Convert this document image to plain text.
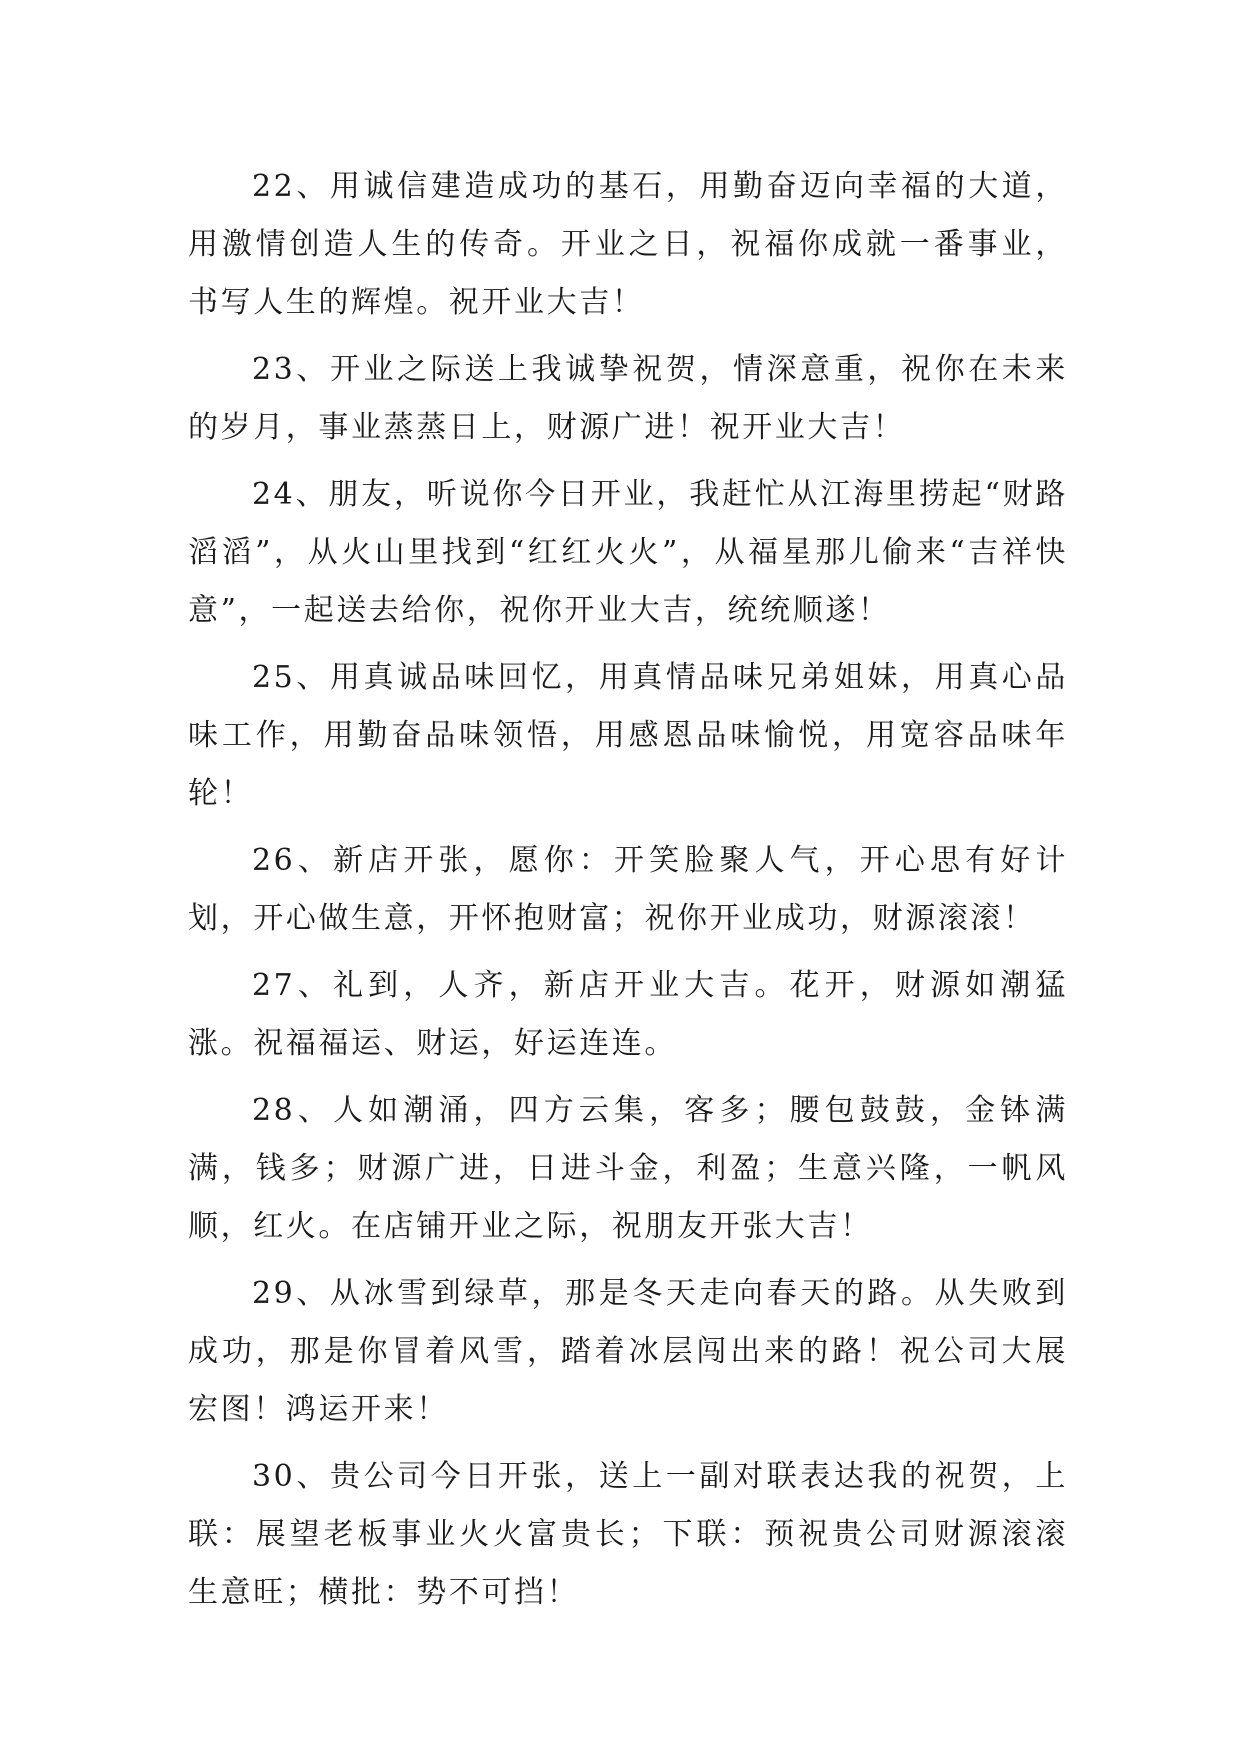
22、用诚信建造成功的基石，用勤奋迈向幸福的大道，用激情创造人生的传奇。开业之日，祝福你成就一番事业，书写人生的辉煌。祝开业大吉！

23、开业之际送上我诚挚祝贺，情深意重，祝你在未来的岁月，事业蒸蒸日上，财源广进！祝开业大吉！

24、朋友，听说你今日开业，我赶忙从江海里捞起“财路滔滔”，从火山里找到“红红火火”，从福星那儿偷来“吉祥快意”，一起送去给你，祝你开业大吉，统统顺遂！

25、用真诚品味回忆，用真情品味兄弟姐妹，用真心品味工作，用勤奋品味领悟，用感恩品味愉悦，用宽容品味年轮！

26、新店开张，愿你：开笑脸聚人气，开心思有好计划，开心做生意，开怀抱财富；祝你开业成功，财源滚滚！

27、礼到，人齐，新店开业大吉。花开，财源如潮猛涨。祝福福运、财运，好运连连。

28、人如潮涌，四方云集，客多；腰包鼓鼓，金钵满满，钱多；财源广进，日进斗金，利盈；生意兴隆，一帆风顺，红火。在店铺开业之际，祝朋友开张大吉！

29、从冰雪到绿草，那是冬天走向春天的路。从失败到成功，那是你冒着风雪，踏着冰层闯出来的路！祝公司大展宏图！鸿运开来！

30、贵公司今日开张，送上一副对联表达我的祝贺，上联：展望老板事业火火富贵长；下联：预祝贵公司财源滚滚生意旺；横批：势不可挡！
